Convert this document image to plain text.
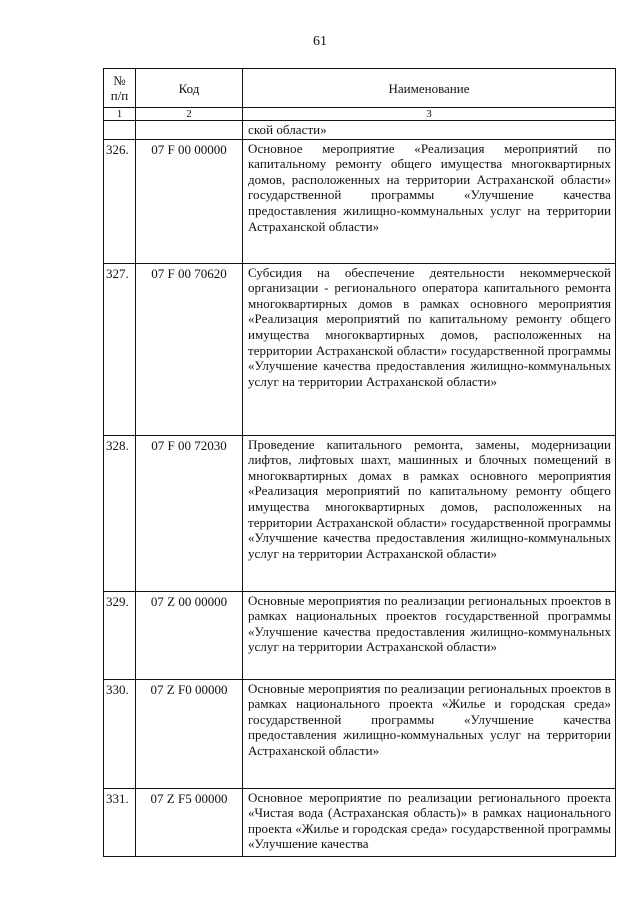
61
№
п/п	Код	Наименование
1	2	3
		ской области»
326.	07 F 00 00000	Основное мероприятие «Реализация мероприятий по капитальному ремонту общего имущества многоквартирных домов, расположенных на территории Астраханской области» государственной программы «Улучшение качества предоставления жилищно-коммунальных услуг на территории Астраханской области»
327.	07 F 00 70620	Субсидия на обеспечение деятельности некоммерческой организации - регионального оператора капитального ремонта многоквартирных домов в рамках основного мероприятия «Реализация мероприятий по капитальному ремонту общего имущества многоквартирных домов, расположенных на территории Астраханской области» государственной программы «Улучшение качества предоставления жилищно-коммунальных услуг на территории Астраханской области»
328.	07 F 00 72030	Проведение капитального ремонта, замены, модернизации лифтов, лифтовых шахт, машинных и блочных помещений в многоквартирных домах в рамках основного мероприятия «Реализация мероприятий по капитальному ремонту общего имущества многоквартирных домов, расположенных на территории Астраханской области» государственной программы «Улучшение качества предоставления жилищно-коммунальных услуг на территории Астраханской области»
329.	07 Z 00 00000	Основные мероприятия по реализации региональных проектов в рамках национальных проектов государственной программы «Улучшение качества предоставления жилищно-коммунальных услуг на территории Астраханской области»
330.	07 Z F0 00000	Основные мероприятия по реализации региональных проектов в рамках национального проекта «Жилье и городская среда» государственной программы «Улучшение качества предоставления жилищно-коммунальных услуг на территории Астраханской области»
331.	07 Z F5 00000	Основное мероприятие по реализации регионального проекта «Чистая вода (Астраханская область)» в рамках национального проекта «Жилье и городская среда» государственной программы «Улучшение качества
